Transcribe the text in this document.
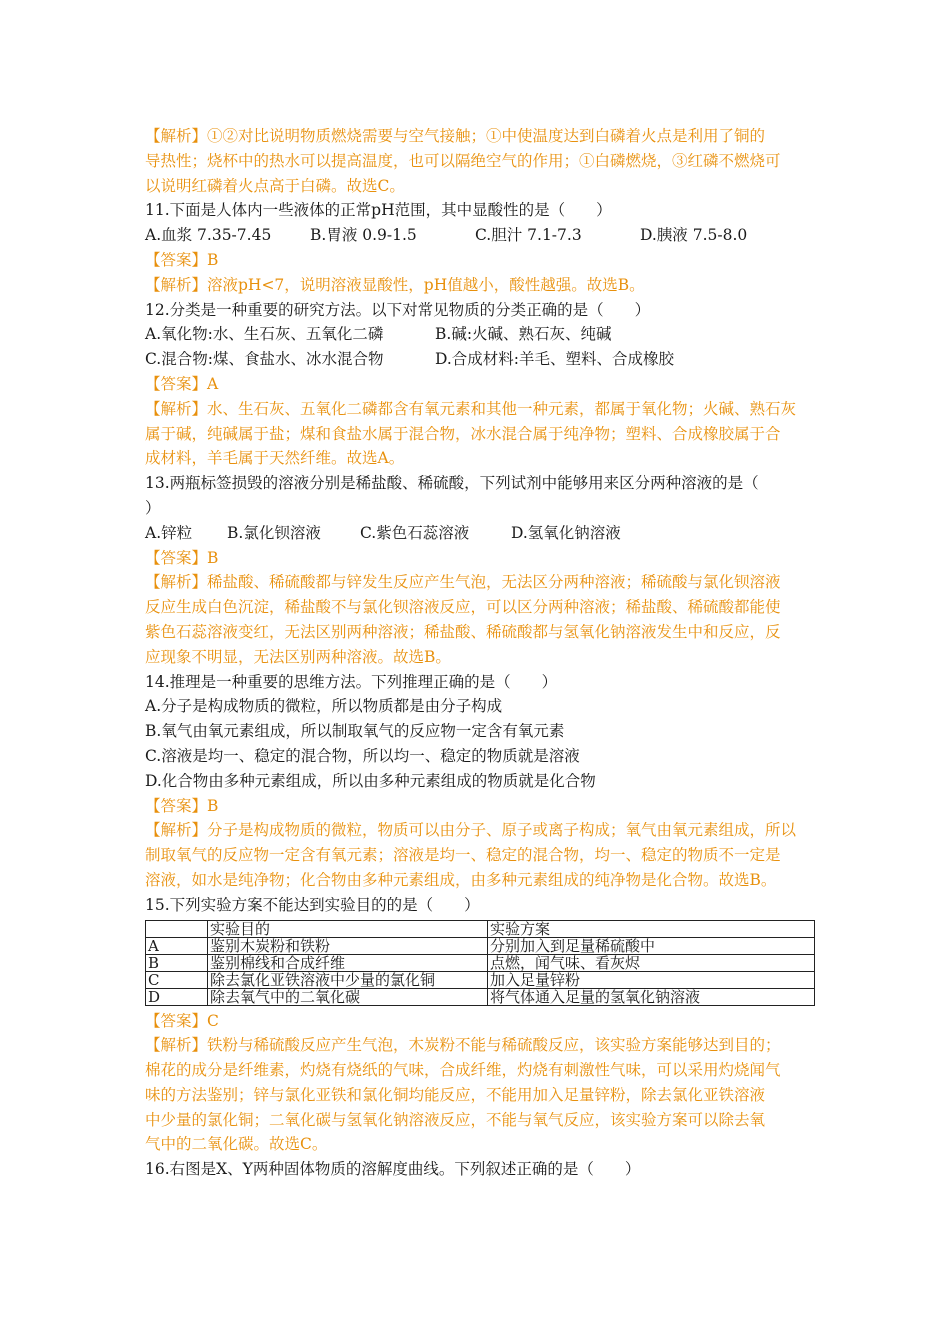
【解析】①②对比说明物质燃烧需要与空气接触；①中使温度达到白磷着火点是利用了铜的
导热性；烧杯中的热水可以提高温度，也可以隔绝空气的作用；①白磷燃烧，③红磷不燃烧可
以说明红磷着火点高于白磷。故选C。
11.下面是人体内一些液体的正常pH范围，其中显酸性的是（　　）
A.血浆 7.35-7.45 B.胃液 0.9-1.5	C.胆汁 7.1-7.3	D.胰液 7.5-8.0
【答案】B
【解析】溶液pH<7，说明溶液显酸性，pH值越小，酸性越强。故选B。
12.分类是一种重要的研究方法。以下对常见物质的分类正确的是（　　）
A.氧化物:水、生石灰、五氧化二磷	B.碱:火碱、熟石灰、纯碱
C.混合物:煤、食盐水、冰水混合物	D.合成材料:羊毛、塑料、合成橡胶
【答案】A
【解析】水、生石灰、五氧化二磷都含有氧元素和其他一种元素，都属于氧化物；火碱、熟石灰
属于碱，纯碱属于盐；煤和食盐水属于混合物，冰水混合属于纯净物；塑料、合成橡胶属于合
成材料，羊毛属于天然纤维。故选A。
13.两瓶标签损毁的溶液分别是稀盐酸、稀硫酸，下列试剂中能够用来区分两种溶液的是（
）
A.锌粒 B.氯化钡溶液	C.紫色石蕊溶液	D.氢氧化钠溶液
【答案】B
【解析】稀盐酸、稀硫酸都与锌发生反应产生气泡，无法区分两种溶液；稀硫酸与氯化钡溶液
反应生成白色沉淀，稀盐酸不与氯化钡溶液反应，可以区分两种溶液；稀盐酸、稀硫酸都能使
紫色石蕊溶液变红，无法区别两种溶液；稀盐酸、稀硫酸都与氢氧化钠溶液发生中和反应，反
应现象不明显，无法区别两种溶液。故选B。
14.推理是一种重要的思维方法。下列推理正确的是（　　）
A.分子是构成物质的微粒，所以物质都是由分子构成
B.氧气由氧元素组成，所以制取氧气的反应物一定含有氧元素
C.溶液是均一、稳定的混合物，所以均一、稳定的物质就是溶液
D.化合物由多种元素组成，所以由多种元素组成的物质就是化合物
【答案】B
【解析】分子是构成物质的微粒，物质可以由分子、原子或离子构成；氧气由氧元素组成，所以
制取氧气的反应物一定含有氧元素；溶液是均一、稳定的混合物，均一、稳定的物质不一定是
溶液，如水是纯净物；化合物由多种元素组成，由多种元素组成的纯净物是化合物。故选B。
15.下列实验方案不能达到实验目的的是（　　）
	实验目的	实验方案
A	鉴别木炭粉和铁粉	分别加入到足量稀硫酸中
B	鉴别棉线和合成纤维	点燃，闻气味、看灰烬
C	除去氯化亚铁溶液中少量的氯化铜	加入足量锌粉
D	除去氧气中的二氧化碳	将气体通入足量的氢氧化钠溶液
【答案】C
【解析】铁粉与稀硫酸反应产生气泡，木炭粉不能与稀硫酸反应，该实验方案能够达到目的；
棉花的成分是纤维素，灼烧有烧纸的气味，合成纤维，灼烧有刺激性气味，可以采用灼烧闻气
味的方法鉴别；锌与氯化亚铁和氯化铜均能反应，不能用加入足量锌粉，除去氯化亚铁溶液
中少量的氯化铜；二氧化碳与氢氧化钠溶液反应，不能与氧气反应，该实验方案可以除去氧
气中的二氧化碳。故选C。
16.右图是X、Y两种固体物质的溶解度曲线。下列叙述正确的是（　　）
